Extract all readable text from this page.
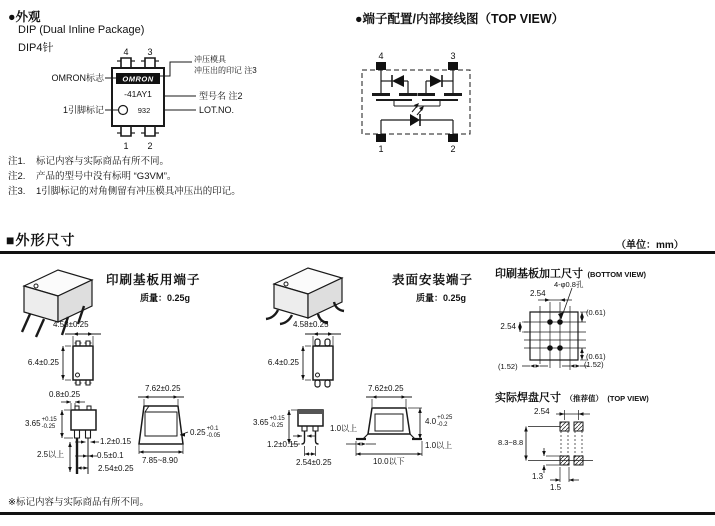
●外观
DIP (Dual Inline Package)
DIP4针
OMRON
-41AY1
932
4 3
1 2
OMRON标志
1引脚标记
冲压模具
冲压出的印记 注3
型号名 注2
LOT.NO.
注1. 标记内容与实际商品有所不同。
注2. 产品的型号中没有标明 “G3VM”。
注3. 1引脚标记的对角侧留有冲压模具冲压出的印记。
●端子配置/内部接线图（TOP VIEW）
4	3
1	2
■外形尺寸	（单位：mm）
印刷基板用端子
质量：0.25g
4.58±0.25
6.4±0.25
0.8±0.25
3.65 +0.15
-0.25
2.5以上
1.2±0.15
0.5±0.1
2.54±0.25
7.62±0.25
0.25 +0.1
-0.05
7.85~8.90
表面安装端子
质量：0.25g
4.58±0.25
6.4±0.25
3.65 +0.15
-0.25
1.2±0.15
2.54±0.25
7.62±0.25
1.0以上
4.0 +0.25
-0.2
1.0以上
10.0以下
印刷基板加工尺寸 (BOTTOM VIEW)
2.54
4-φ0.8孔
2.54
(0.61)
(0.61)
(1.52)	(1.52)
实际焊盘尺寸 （推荐值） (TOP VIEW)
2.54
8.3~8.8
1.3
1.5
※标记内容与实际商品有所不同。
